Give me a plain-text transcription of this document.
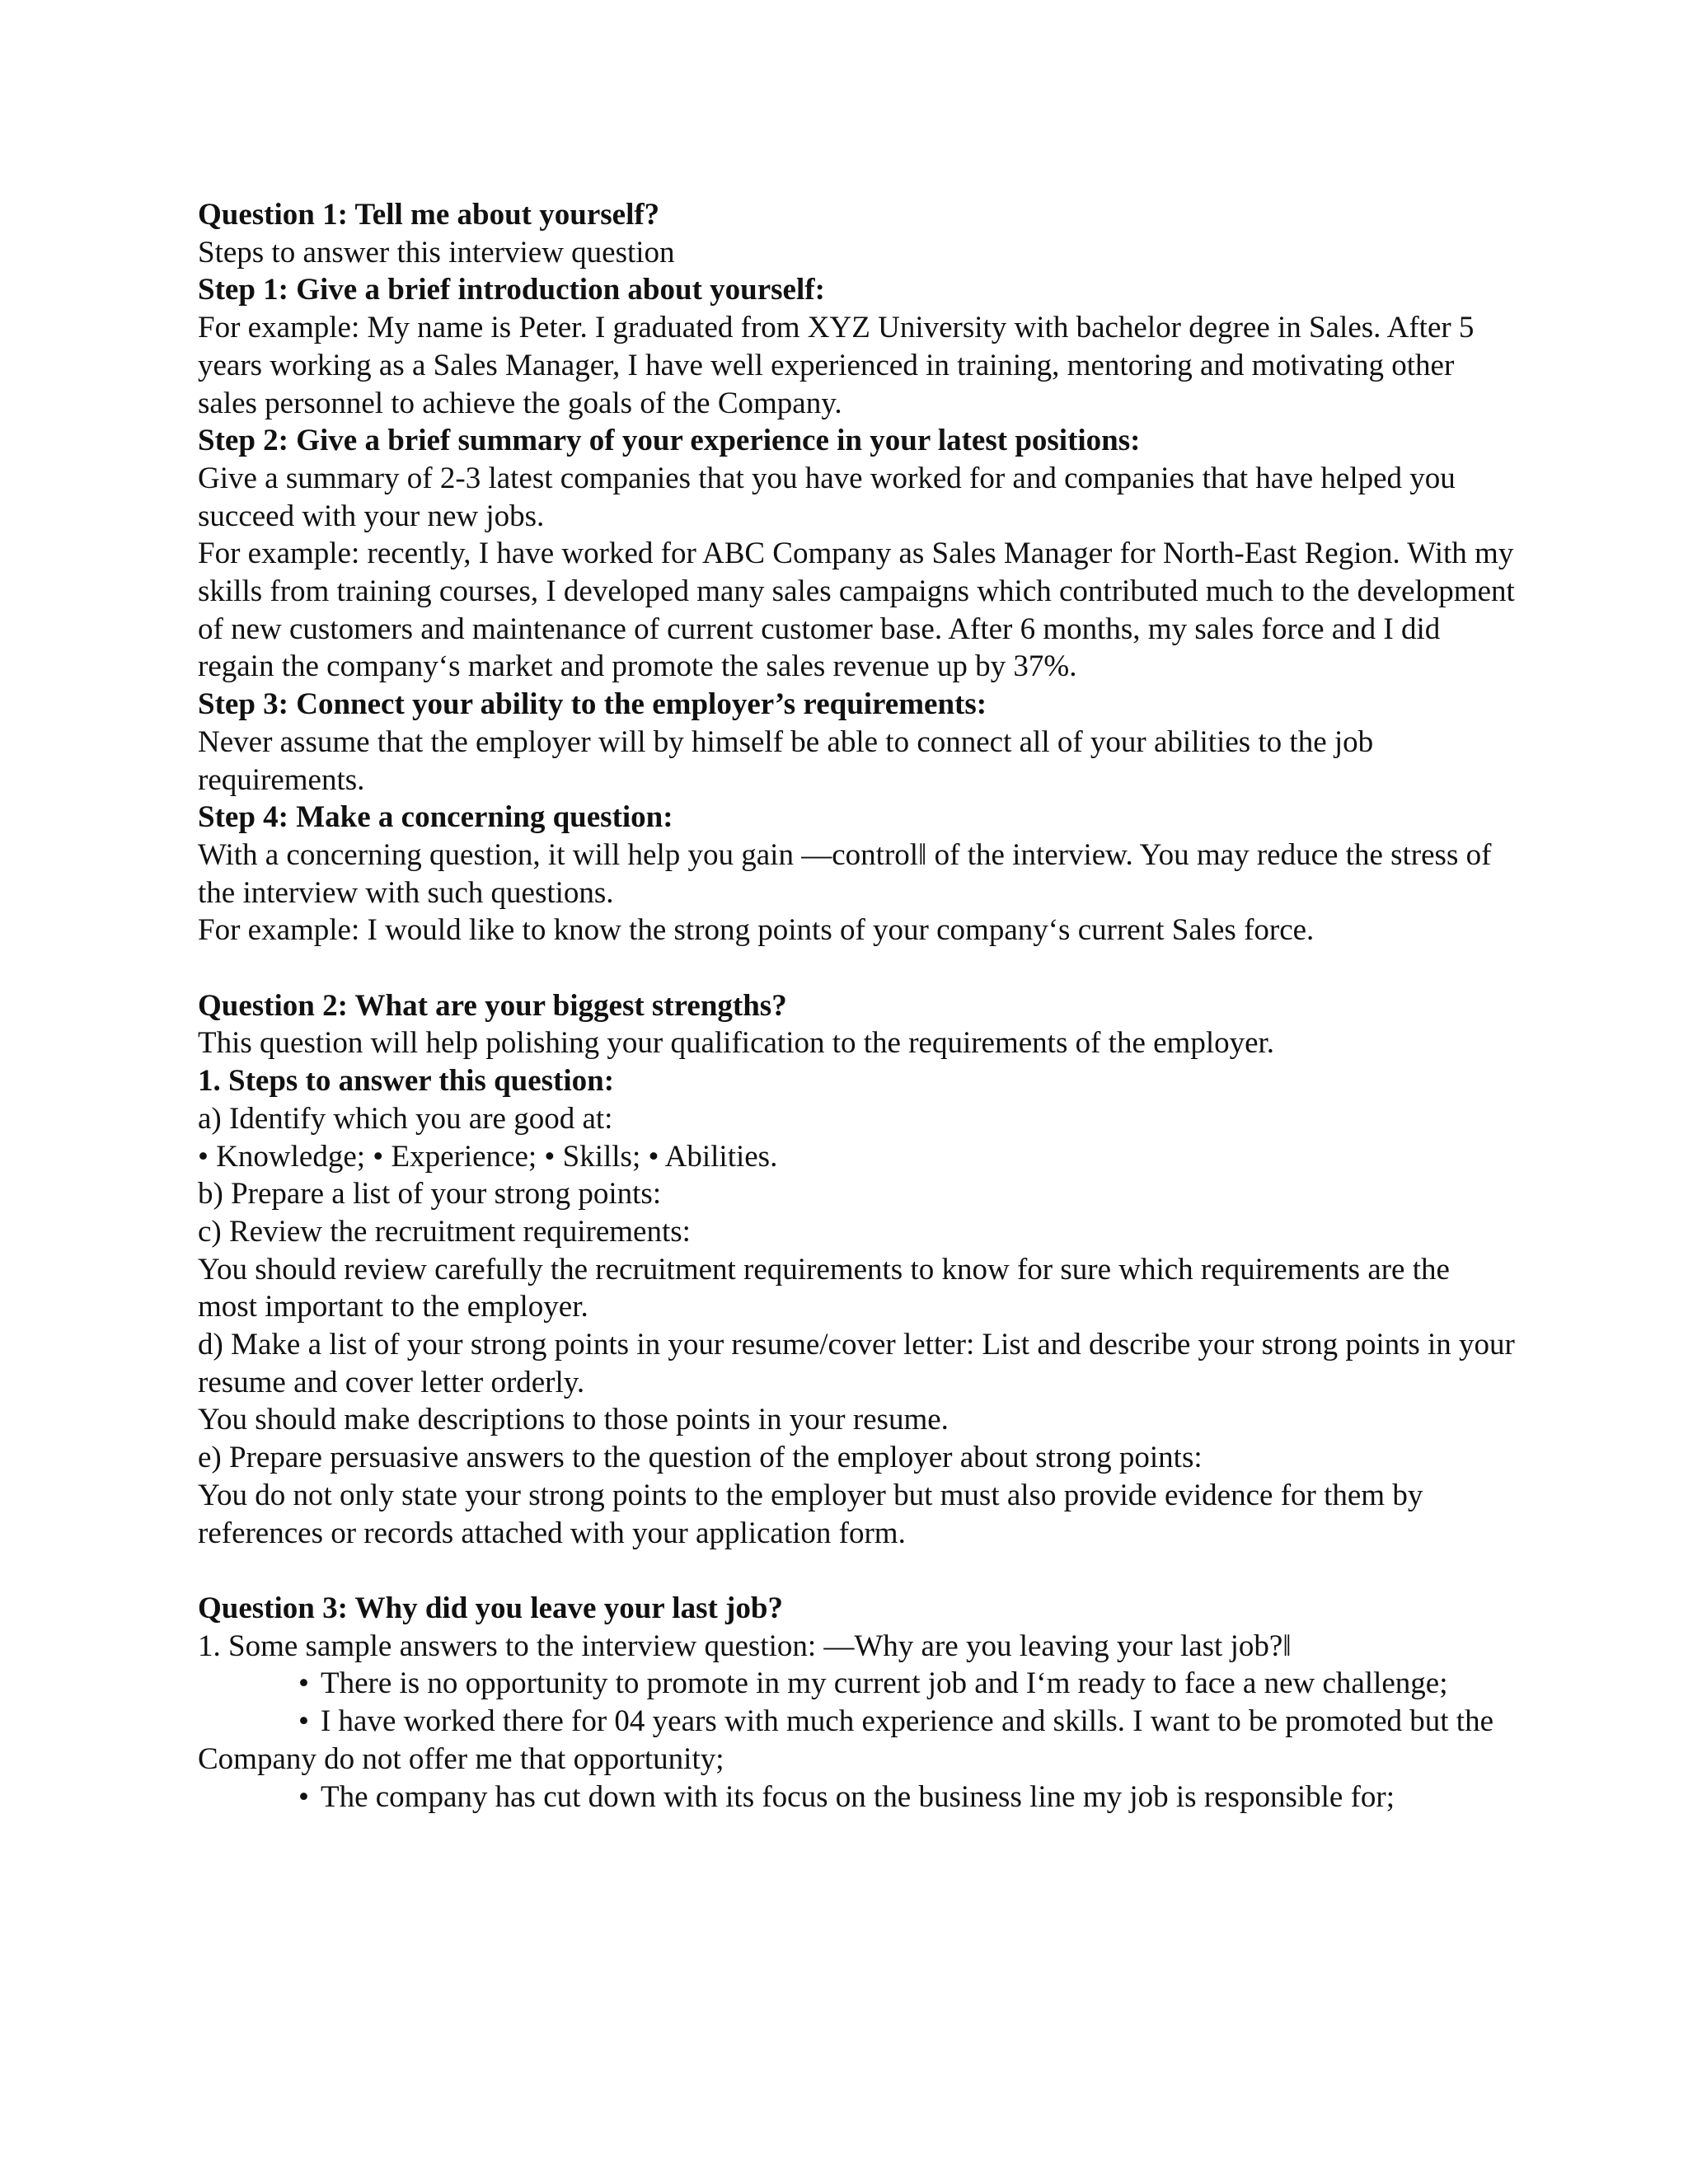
Question 1: Tell me about yourself?

Steps to answer this interview question

Step 1: Give a brief introduction about yourself:

For example: My name is Peter. I graduated from XYZ University with bachelor degree in Sales. After 5 years working as a Sales Manager, I have well experienced in training, mentoring and motivating other sales personnel to achieve the goals of the Company.

Step 2: Give a brief summary of your experience in your latest positions:

Give a summary of 2-3 latest companies that you have worked for and companies that have helped you succeed with your new jobs.

For example: recently, I have worked for ABC Company as Sales Manager for North-East Region. With my skills from training courses, I developed many sales campaigns which contributed much to the development of new customers and maintenance of current customer base. After 6 months, my sales force and I did regain the company‘s market and promote the sales revenue up by 37%.

Step 3: Connect your ability to the employer’s requirements:

Never assume that the employer will by himself be able to connect all of your abilities to the job requirements.

Step 4: Make a concerning question:

With a concerning question, it will help you gain ―control‖ of the interview. You may reduce the stress of the interview with such questions.

For example: I would like to know the strong points of your company‘s current Sales force.

Question 2: What are your biggest strengths?

This question will help polishing your qualification to the requirements of the employer.

1. Steps to answer this question:

a) Identify which you are good at:

• Knowledge; • Experience; • Skills; • Abilities.

b) Prepare a list of your strong points:

c) Review the recruitment requirements:

You should review carefully the recruitment requirements to know for sure which requirements are the most important to the employer.

d) Make a list of your strong points in your resume/cover letter: List and describe your strong points in your resume and cover letter orderly.

You should make descriptions to those points in your resume.

e) Prepare persuasive answers to the question of the employer about strong points:

You do not only state your strong points to the employer but must also provide evidence for them by references or records attached with your application form.

Question 3: Why did you leave your last job?

1. Some sample answers to the interview question: ―Why are you leaving your last job?‖

• There is no opportunity to promote in my current job and I‘m ready to face a new challenge;

• I have worked there for 04 years with much experience and skills. I want to be promoted but the Company do not offer me that opportunity;

• The company has cut down with its focus on the business line my job is responsible for;
